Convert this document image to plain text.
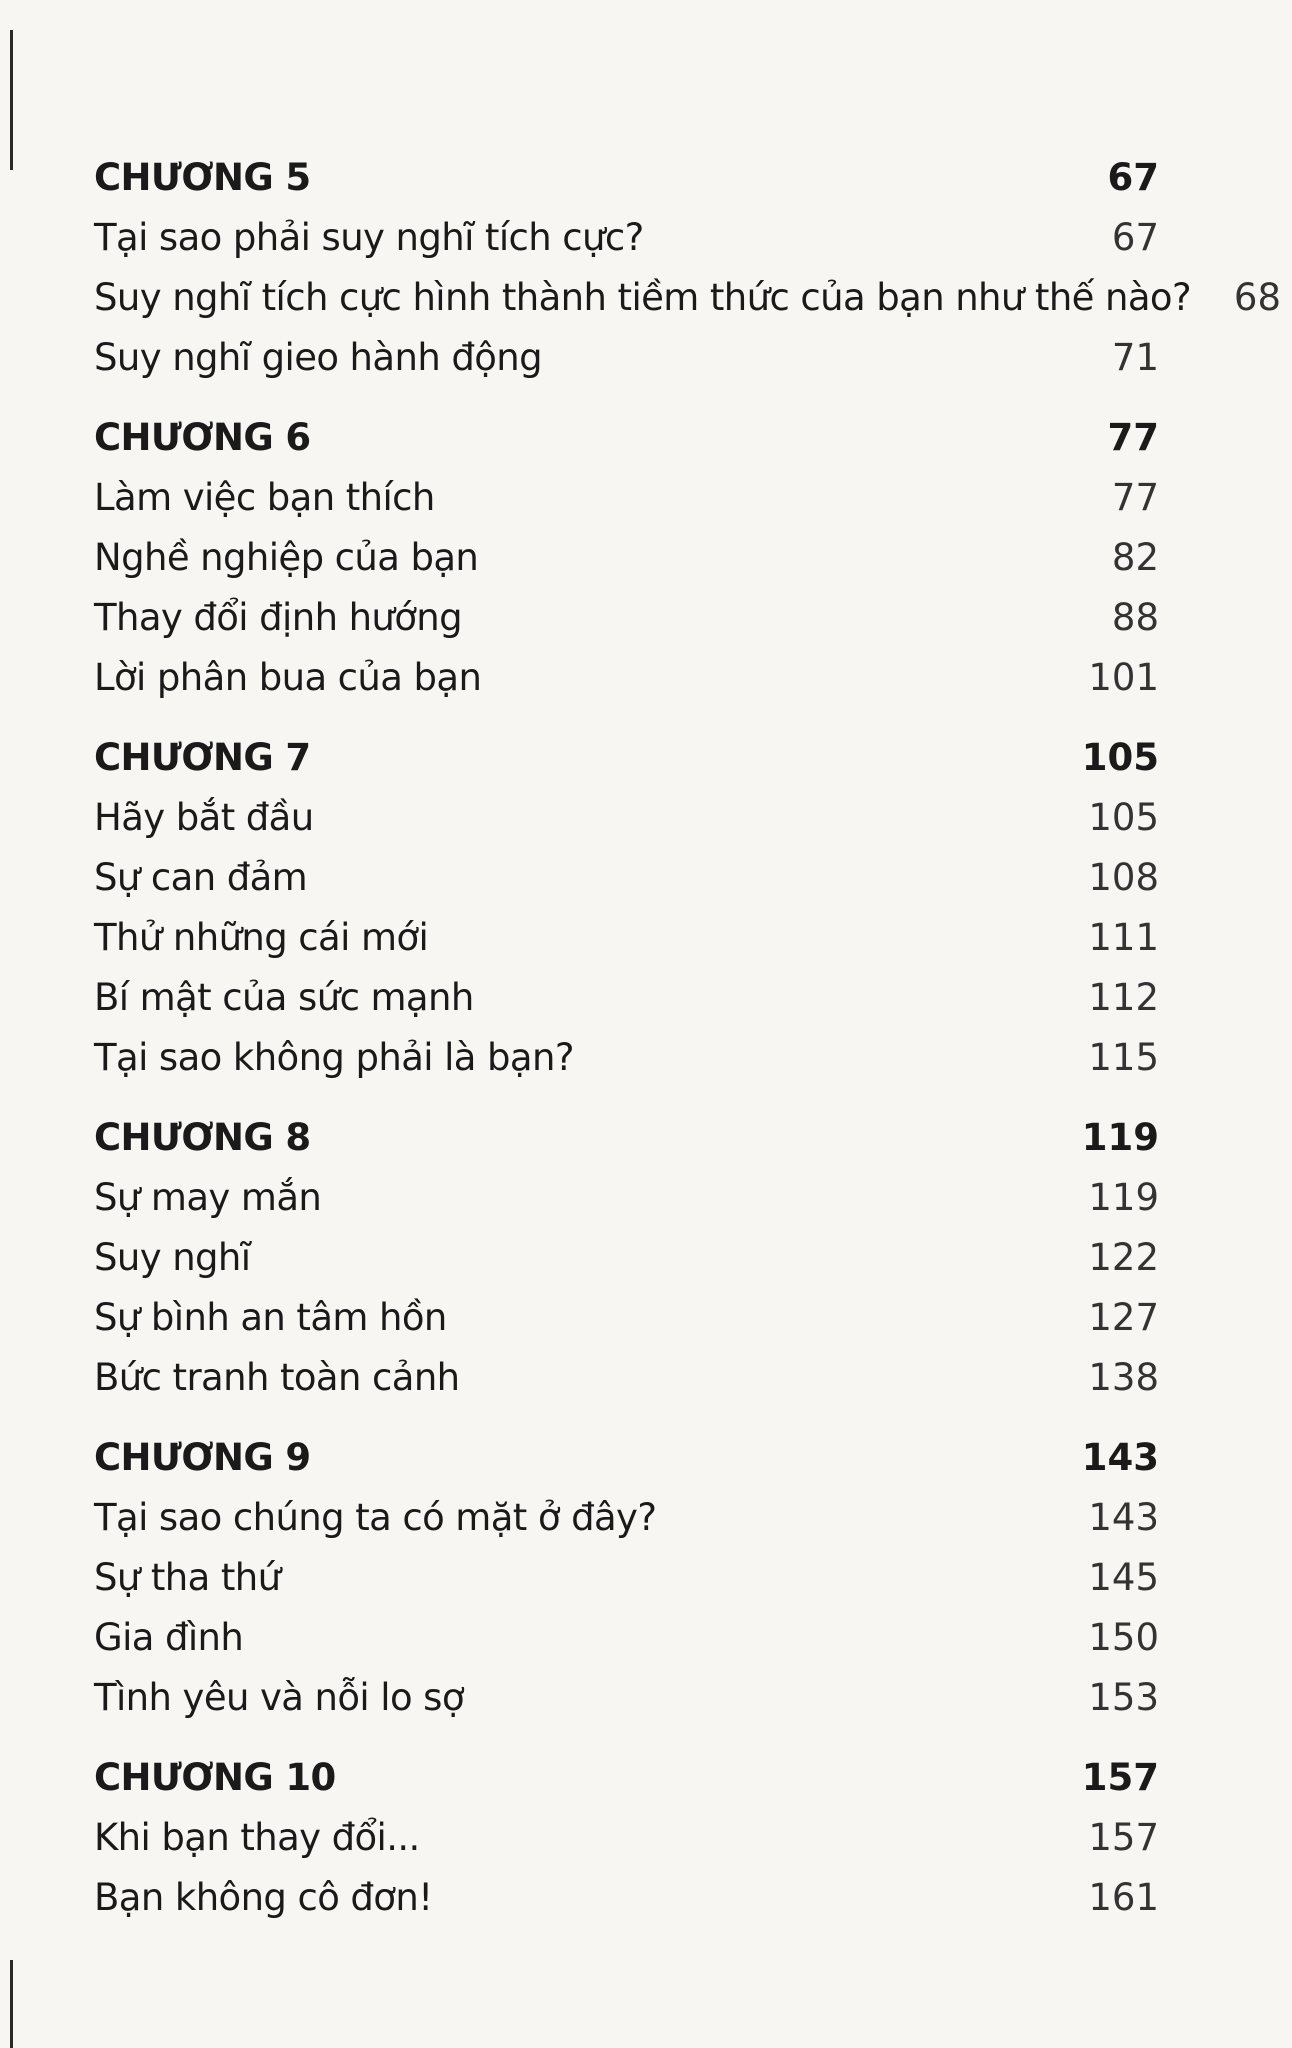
CHƯƠNG 5	67
Tại sao phải suy nghĩ tích cực?	67
Suy nghĩ tích cực hình thành tiềm thức của bạn như thế nào?	68
Suy nghĩ gieo hành động	71
CHƯƠNG 6	77
Làm việc bạn thích	77
Nghề nghiệp của bạn	82
Thay đổi định hướng	88
Lời phân bua của bạn	101
CHƯƠNG 7	105
Hãy bắt đầu	105
Sự can đảm	108
Thử những cái mới	111
Bí mật của sức mạnh	112
Tại sao không phải là bạn?	115
CHƯƠNG 8	119
Sự may mắn	119
Suy nghĩ	122
Sự bình an tâm hồn	127
Bức tranh toàn cảnh	138
CHƯƠNG 9	143
Tại sao chúng ta có mặt ở đây?	143
Sự tha thứ	145
Gia đình	150
Tình yêu và nỗi lo sợ	153
CHƯƠNG 10	157
Khi bạn thay đổi...	157
Bạn không cô đơn!	161
